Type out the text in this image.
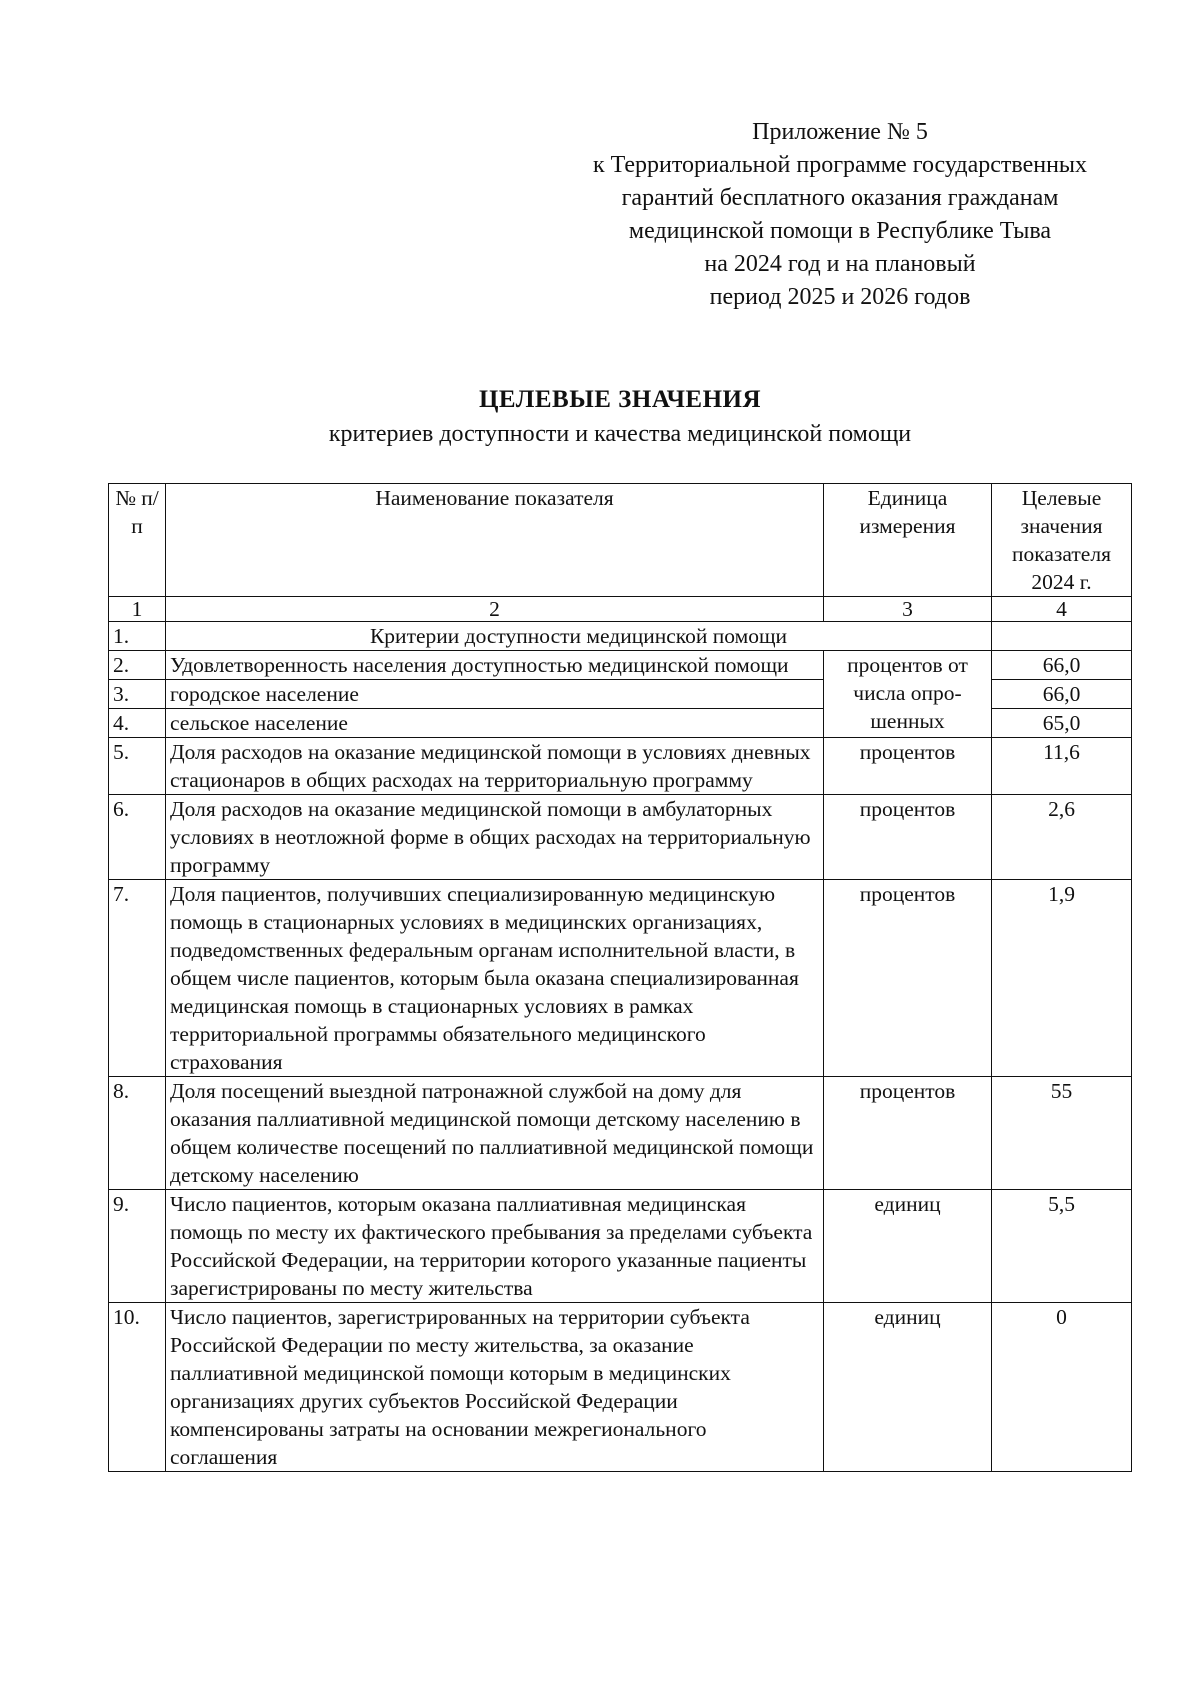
Приложение № 5
к Территориальной программе государственных
гарантий бесплатного оказания гражданам
медицинской помощи в Республике Тыва
на 2024 год и на плановый
период 2025 и 2026 годов
ЦЕЛЕВЫЕ ЗНАЧЕНИЯ
критериев доступности и качества медицинской помощи
№ п/п	Наименование показателя	Единица измерения	Целевые значения показателя 2024 г.
1	2	3	4
1.	Критерии доступности медицинской помощи		
2.	Удовлетворенность населения доступностью медицинской помощи	процентов от числа опро-шенных	66,0
3.	городское население		66,0
4.	сельское население		65,0
5.	Доля расходов на оказание медицинской помощи в условиях дневных стационаров в общих расходах на территориальную программу	процентов	11,6
6.	Доля расходов на оказание медицинской помощи в амбулаторных условиях в неотложной форме в общих расходах на территориальную программу	процентов	2,6
7.	Доля пациентов, получивших специализированную медицинскую помощь в стационарных условиях в медицинских организациях, подведомственных федеральным органам исполнительной власти, в общем числе пациентов, которым была оказана специализированная медицинская помощь в стационарных условиях в рамках территориальной программы обязательного медицинского страхования	процентов	1,9
8.	Доля посещений выездной патронажной службой на дому для оказания паллиативной медицинской помощи детскому населению в общем количестве посещений по паллиативной медицинской помощи детскому населению	процентов	55
9.	Число пациентов, которым оказана паллиативная медицинская помощь по месту их фактического пребывания за пределами субъекта Российской Федерации, на территории которого указанные пациенты зарегистрированы по месту жительства	единиц	5,5
10.	Число пациентов, зарегистрированных на территории субъекта Российской Федерации по месту жительства, за оказание паллиативной медицинской помощи которым в медицинских организациях других субъектов Российской Федерации компенсированы затраты на основании межрегионального соглашения	единиц	0
